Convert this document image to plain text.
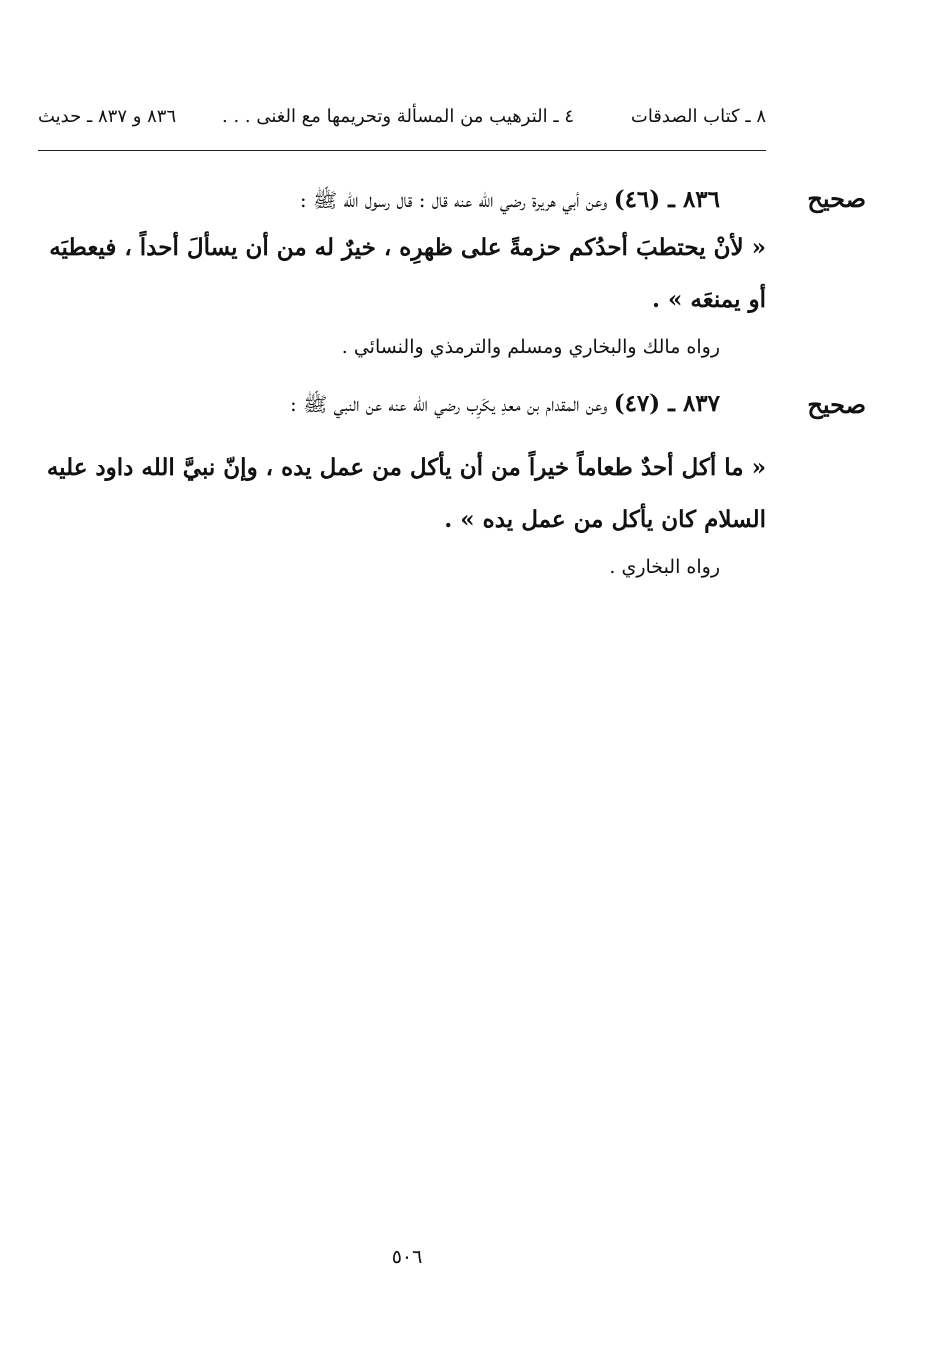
٨ ـ كتاب الصدقات
٤ ـ الترهيب من المسألة وتحريمها مع الغنى . . .
٨٣٦ و ٨٣٧ ـ حديث
صحيح
٨٣٦ ـ (٤٦) وعن أبي هريرة رضي الله عنه قال : قال رسول الله ﷺ :
« لأنْ يحتطبَ أحدُكم حزمةً على ظهرِه ، خيرٌ له من أن يسألَ أحداً ، فيعطيَه أو يمنعَه » .
رواه مالك والبخاري ومسلم والترمذي والنسائي .
صحيح
٨٣٧ ـ (٤٧) وعن المقدام بن معدِ يكَرِب رضي الله عنه عن النبي ﷺ :
« ما أكل أحدٌ طعاماً خيراً من أن يأكل من عمل يده ، وإنّ نبيَّ الله داود عليه السلام كان يأكل من عمل يده » .
رواه البخاري .
٥٠٦
